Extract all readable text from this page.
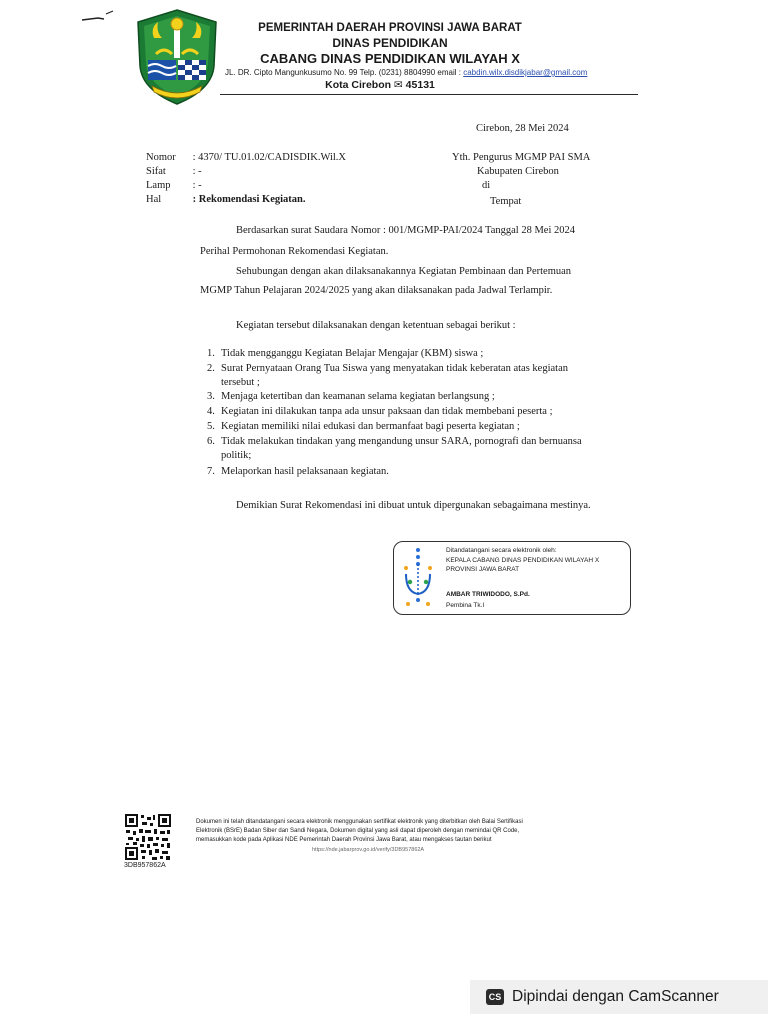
PEMERINTAH DAERAH PROVINSI JAWA BARAT
DINAS PENDIDIKAN
CABANG DINAS PENDIDIKAN WILAYAH X
JL. DR. Cipto Mangunkusumo No. 99 Telp. (0231) 8804990 email : cabdin.wilx.disdikjabar@gmail.com
Kota Cirebon ✉ 45131
Cirebon, 28 Mei 2024
Nomor : 4370/ TU.01.02/CADISDIK.Wil.X
Sifat	: -
Lamp : -
Hal	: Rekomendasi Kegiatan.
Yth. Pengurus MGMP PAI SMA
Kabupaten Cirebon
di
Tempat
Berdasarkan surat Saudara Nomor : 001/MGMP-PAI/2024 Tanggal 28 Mei 2024
Perihal Permohonan Rekomendasi Kegiatan.
Sehubungan dengan akan dilaksanakannya Kegiatan Pembinaan dan Pertemuan
MGMP Tahun Pelajaran 2024/2025 yang akan dilaksanakan pada Jadwal Terlampir.
Kegiatan tersebut dilaksanakan dengan ketentuan sebagai berikut :
1. Tidak mengganggu Kegiatan Belajar Mengajar (KBM) siswa ;
2. Surat Pernyataan Orang Tua Siswa yang menyatakan tidak keberatan atas kegiatan
tersebut ;
3. Menjaga ketertiban dan keamanan selama kegiatan berlangsung ;
4. Kegiatan ini dilakukan tanpa ada unsur paksaan dan tidak membebani peserta ;
5. Kegiatan memiliki nilai edukasi dan bermanfaat bagi peserta kegiatan ;
6. Tidak melakukan tindakan yang mengandung unsur SARA, pornografi dan bernuansa
politik;
7. Melaporkan hasil pelaksanaan kegiatan.
Demikian Surat Rekomendasi ini dibuat untuk dipergunakan sebagaimana mestinya.
Ditandatangani secara elektronik oleh:
KEPALA CABANG DINAS PENDIDIKAN WILAYAH X
PROVINSI JAWA BARAT
AMBAR TRIWIDODO, S.Pd.
Pembina Tk.I
3DB957862A
Dokumen ini telah ditandatangani secara elektronik menggunakan sertifikat elektronik yang diterbitkan oleh Balai Sertifikasi
Elektronik (BSrE) Badan Siber dan Sandi Negara, Dokumen digital yang asli dapat diperoleh dengan memindai QR Code,
memasukkan kode pada Aplikasi NDE Pemerintah Daerah Provinsi Jawa Barat, atau mengakses tautan berikut
https://nde.jabarprov.go.id/verify/3DB957862A
CS Dipindai dengan CamScanner
